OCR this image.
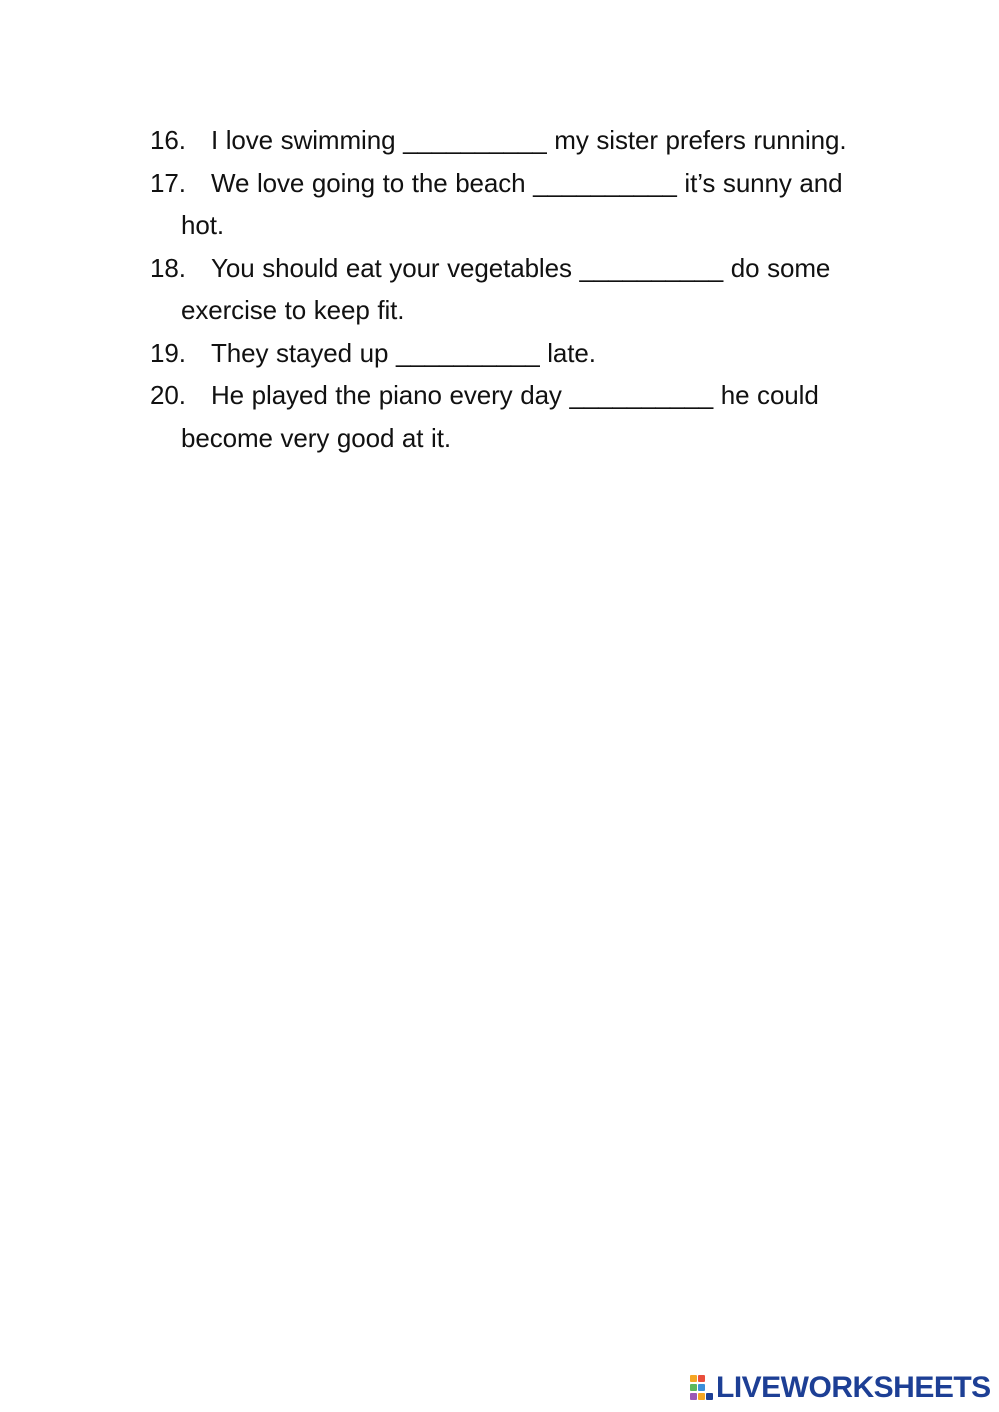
16. I love swimming __________ my sister prefers running.
17. We love going to the beach __________ it’s sunny and hot.
18. You should eat your vegetables __________ do some exercise to keep fit.
19. They stayed up __________ late.
20. He played the piano every day __________ he could become very good at it.
LIVEWORKSHEETS
